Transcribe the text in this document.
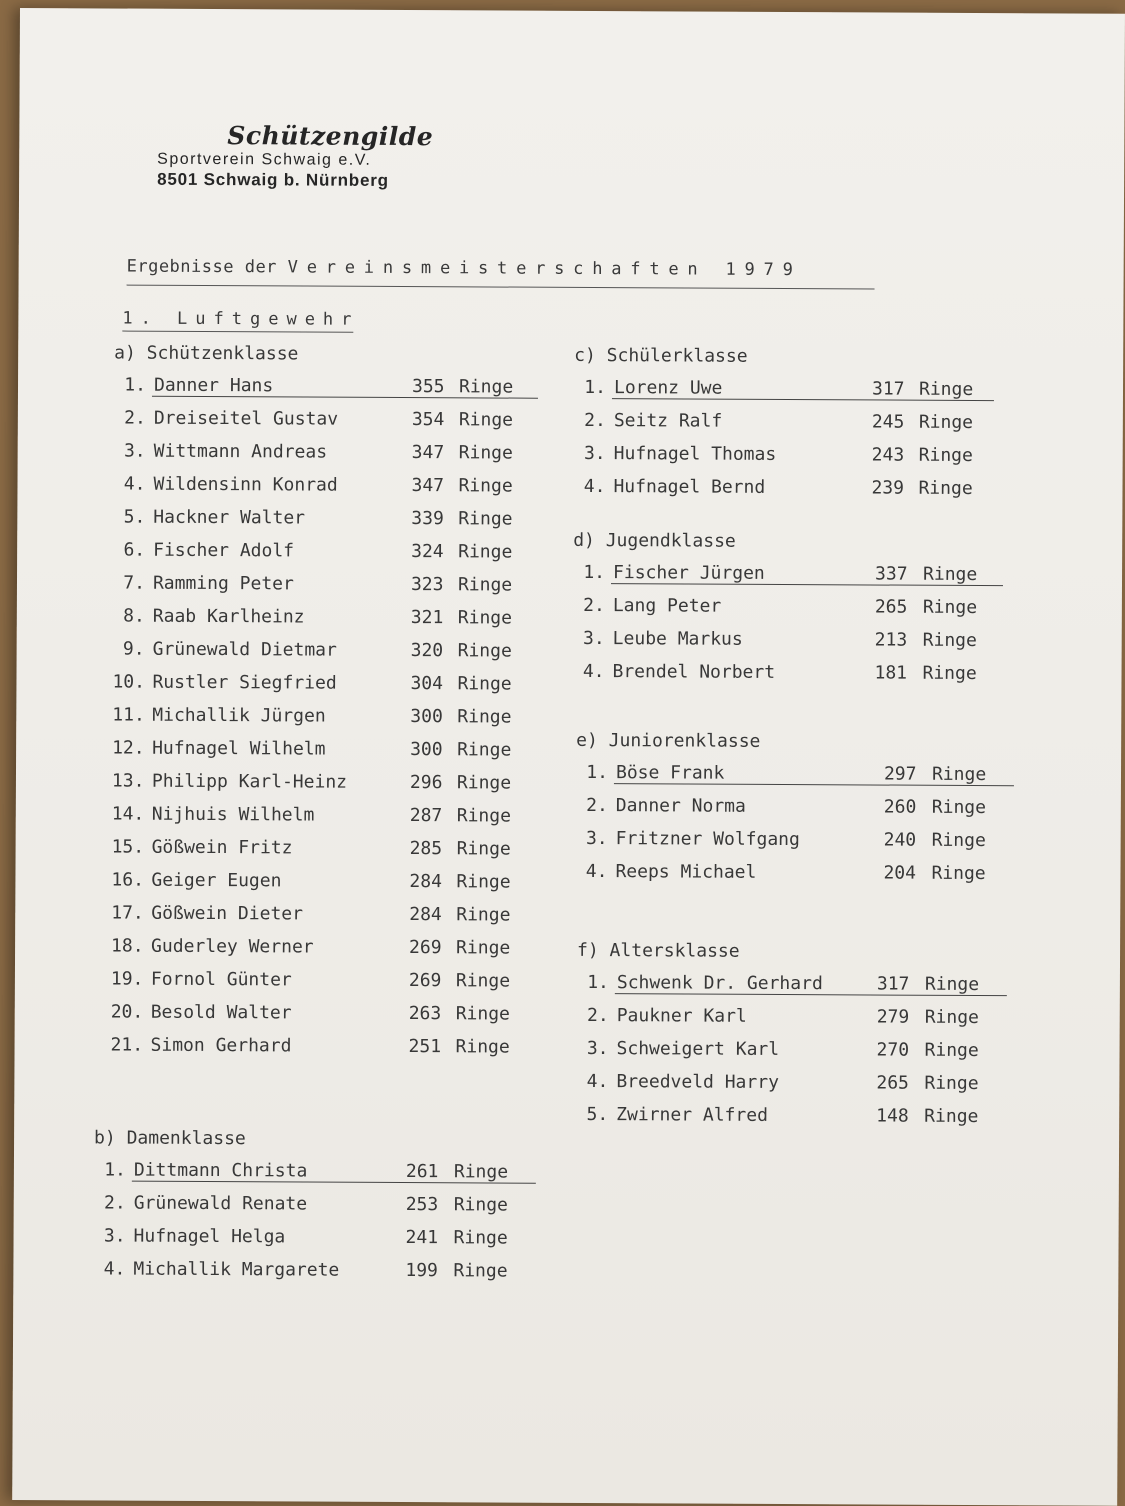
Schützengilde
Sportverein Schwaig e.V.
8501 Schwaig b. Nürnberg
Ergebnisse der Vereinsmeisterschaften 1979
1. Luftgewehr
a) Schützenklasse
1. Danner Hans	355 Ringe
2. Dreiseitel Gustav	354 Ringe
3. Wittmann Andreas	347 Ringe
4. Wildensinn Konrad	347 Ringe
5. Hackner Walter	339 Ringe
6. Fischer Adolf	324 Ringe
7. Ramming Peter	323 Ringe
8. Raab Karlheinz	321 Ringe
9. Grünewald Dietmar	320 Ringe
10. Rustler Siegfried	304 Ringe
11. Michallik Jürgen	300 Ringe
12. Hufnagel Wilhelm	300 Ringe
13. Philipp Karl-Heinz	296 Ringe
14. Nijhuis Wilhelm	287 Ringe
15. Gößwein Fritz	285 Ringe
16. Geiger Eugen	284 Ringe
17. Gößwein Dieter	284 Ringe
18. Guderley Werner	269 Ringe
19. Fornol Günter	269 Ringe
20. Besold Walter	263 Ringe
21. Simon Gerhard	251 Ringe
b) Damenklasse
1. Dittmann Christa	261 Ringe
2. Grünewald Renate	253 Ringe
3. Hufnagel Helga	241 Ringe
4. Michallik Margarete	199 Ringe
c) Schülerklasse
1. Lorenz Uwe	317 Ringe
2. Seitz Ralf	245 Ringe
3. Hufnagel Thomas	243 Ringe
4. Hufnagel Bernd	239 Ringe
d) Jugendklasse
1. Fischer Jürgen	337 Ringe
2. Lang Peter	265 Ringe
3. Leube Markus	213 Ringe
4. Brendel Norbert	181 Ringe
e) Juniorenklasse
1. Böse Frank	297 Ringe
2. Danner Norma	260 Ringe
3. Fritzner Wolfgang	240 Ringe
4. Reeps Michael	204 Ringe
f) Altersklasse
1. Schwenk Dr. Gerhard	317 Ringe
2. Paukner Karl	279 Ringe
3. Schweigert Karl	270 Ringe
4. Breedveld Harry	265 Ringe
5. Zwirner Alfred	148 Ringe
